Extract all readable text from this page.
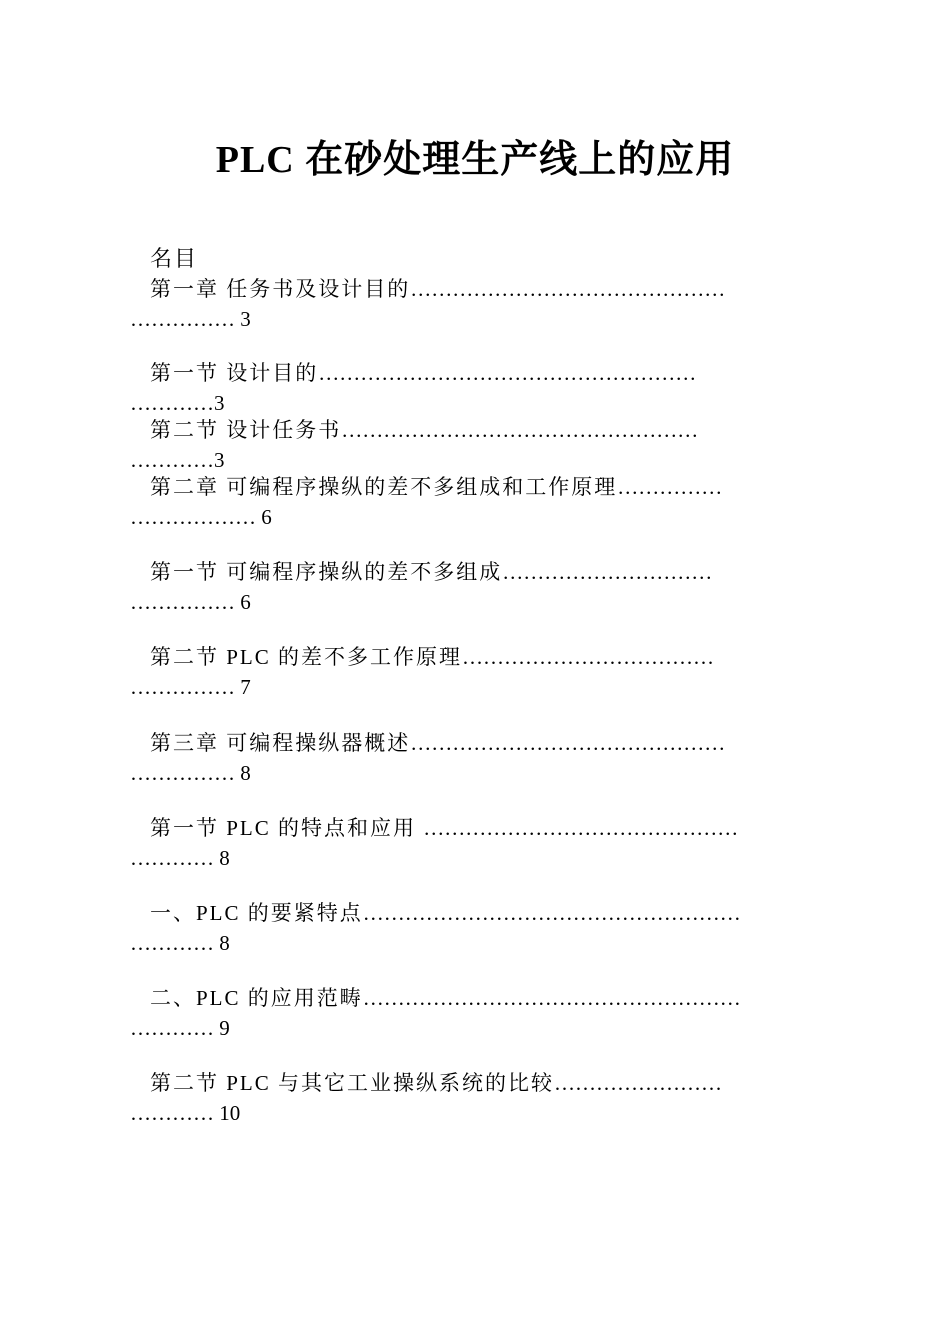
PLC 在砂处理生产线上的应用
名目
第一章 任务书及设计目的………………………………………
…………… 3
第一节 设计目的………………………………………………
…………3
第二节 设计任务书……………………………………………
…………3
第二章 可编程序操纵的差不多组成和工作原理……………
……………… 6
第一节 可编程序操纵的差不多组成…………………………
…………… 6
第二节 PLC 的差不多工作原理………………………………
…………… 7
第三章 可编程操纵器概述………………………………………
…………… 8
第一节 PLC 的特点和应用 ………………………………………
………… 8
一、PLC 的要紧特点………………………………………………
………… 8
二、PLC 的应用范畴………………………………………………
………… 9
第二节 PLC 与其它工业操纵系统的比较……………………
………… 10
